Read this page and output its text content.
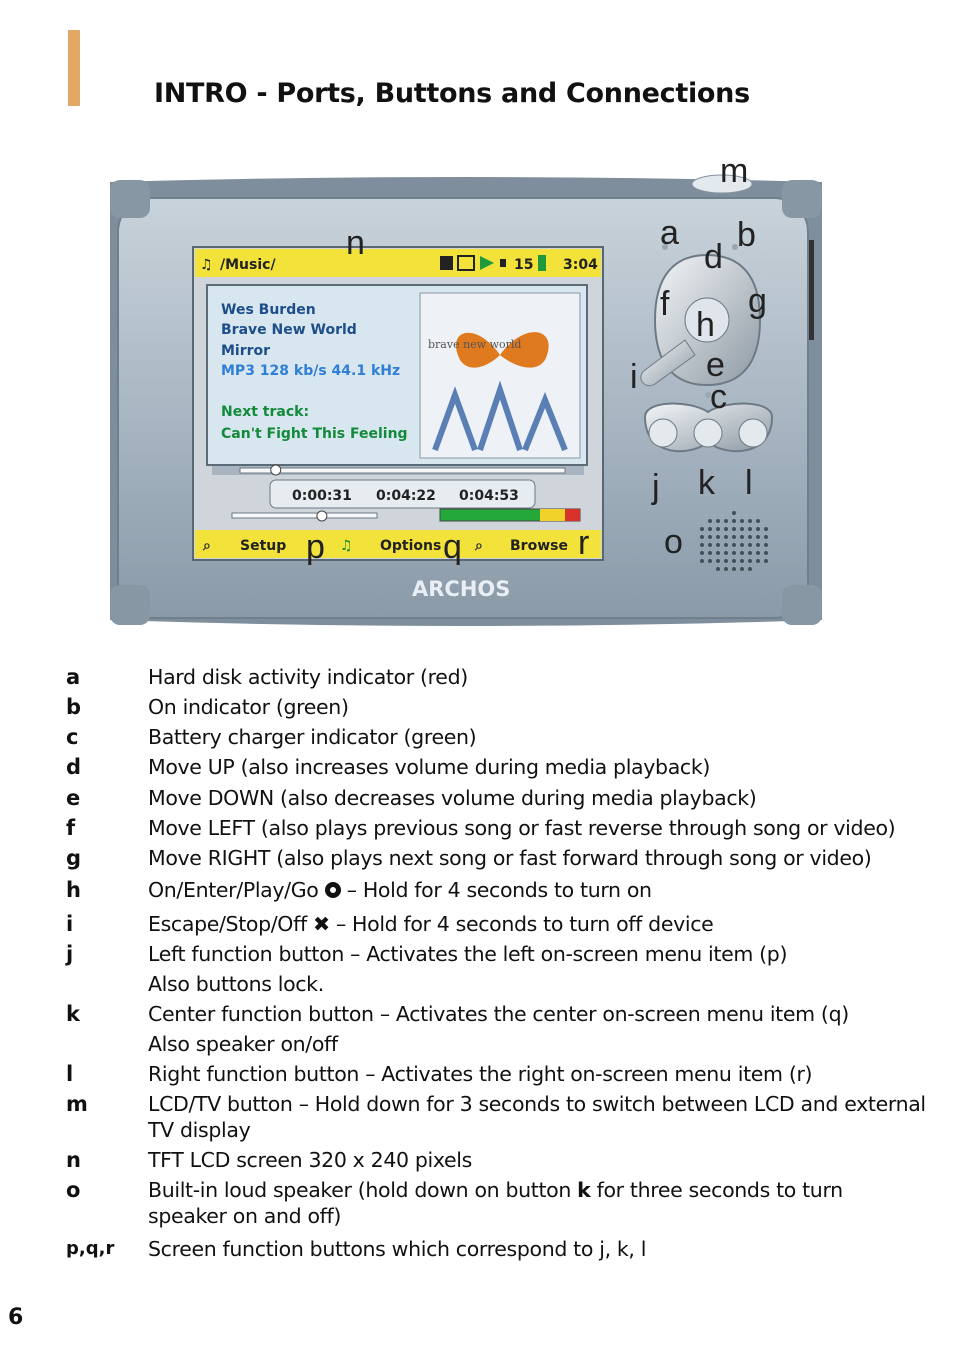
INTRO - Ports, Buttons and Connections
♫ /Music/	15 3:04
Wes Burden
Brave New World
Mirror
MP3 128 kb/s 44.1 kHz
Next track:
Can't Fight This Feeling
brave new world
0:00:31 0:04:22 0:04:53
⌕ Setup	♫ Options ⌕ Browse
ARCHOS
n
m
a b
d
f g
h
e
i
c
j k l
o
p	q	r
a	Hard disk activity indicator (red)
b	On indicator (green)
c	Battery charger indicator (green)
d	Move UP (also increases volume during media playback)
e	Move DOWN (also decreases volume during media playback)
f	Move LEFT (also plays previous song or fast reverse through song or video)
g	Move RIGHT (also plays next song or fast forward through song or video)
h	On/Enter/Play/Go
– Hold for 4 seconds to turn on
i	Escape/Stop/Off ✖ – Hold for 4 seconds to turn off device
j	Left function button – Activates the left on-screen menu item (p)
Also buttons lock.
k	Center function button – Activates the center on-screen menu item (q)
Also speaker on/off
l	Right function button – Activates the right on-screen menu item (r)
m	LCD/TV button – Hold down for 3 seconds to switch between LCD and external TV display
n	TFT LCD screen 320 x 240 pixels
o	Built-in loud speaker (hold down on button k for three seconds to turn speaker on and off)
p,q,r	Screen function buttons which correspond to j, k, l
6
